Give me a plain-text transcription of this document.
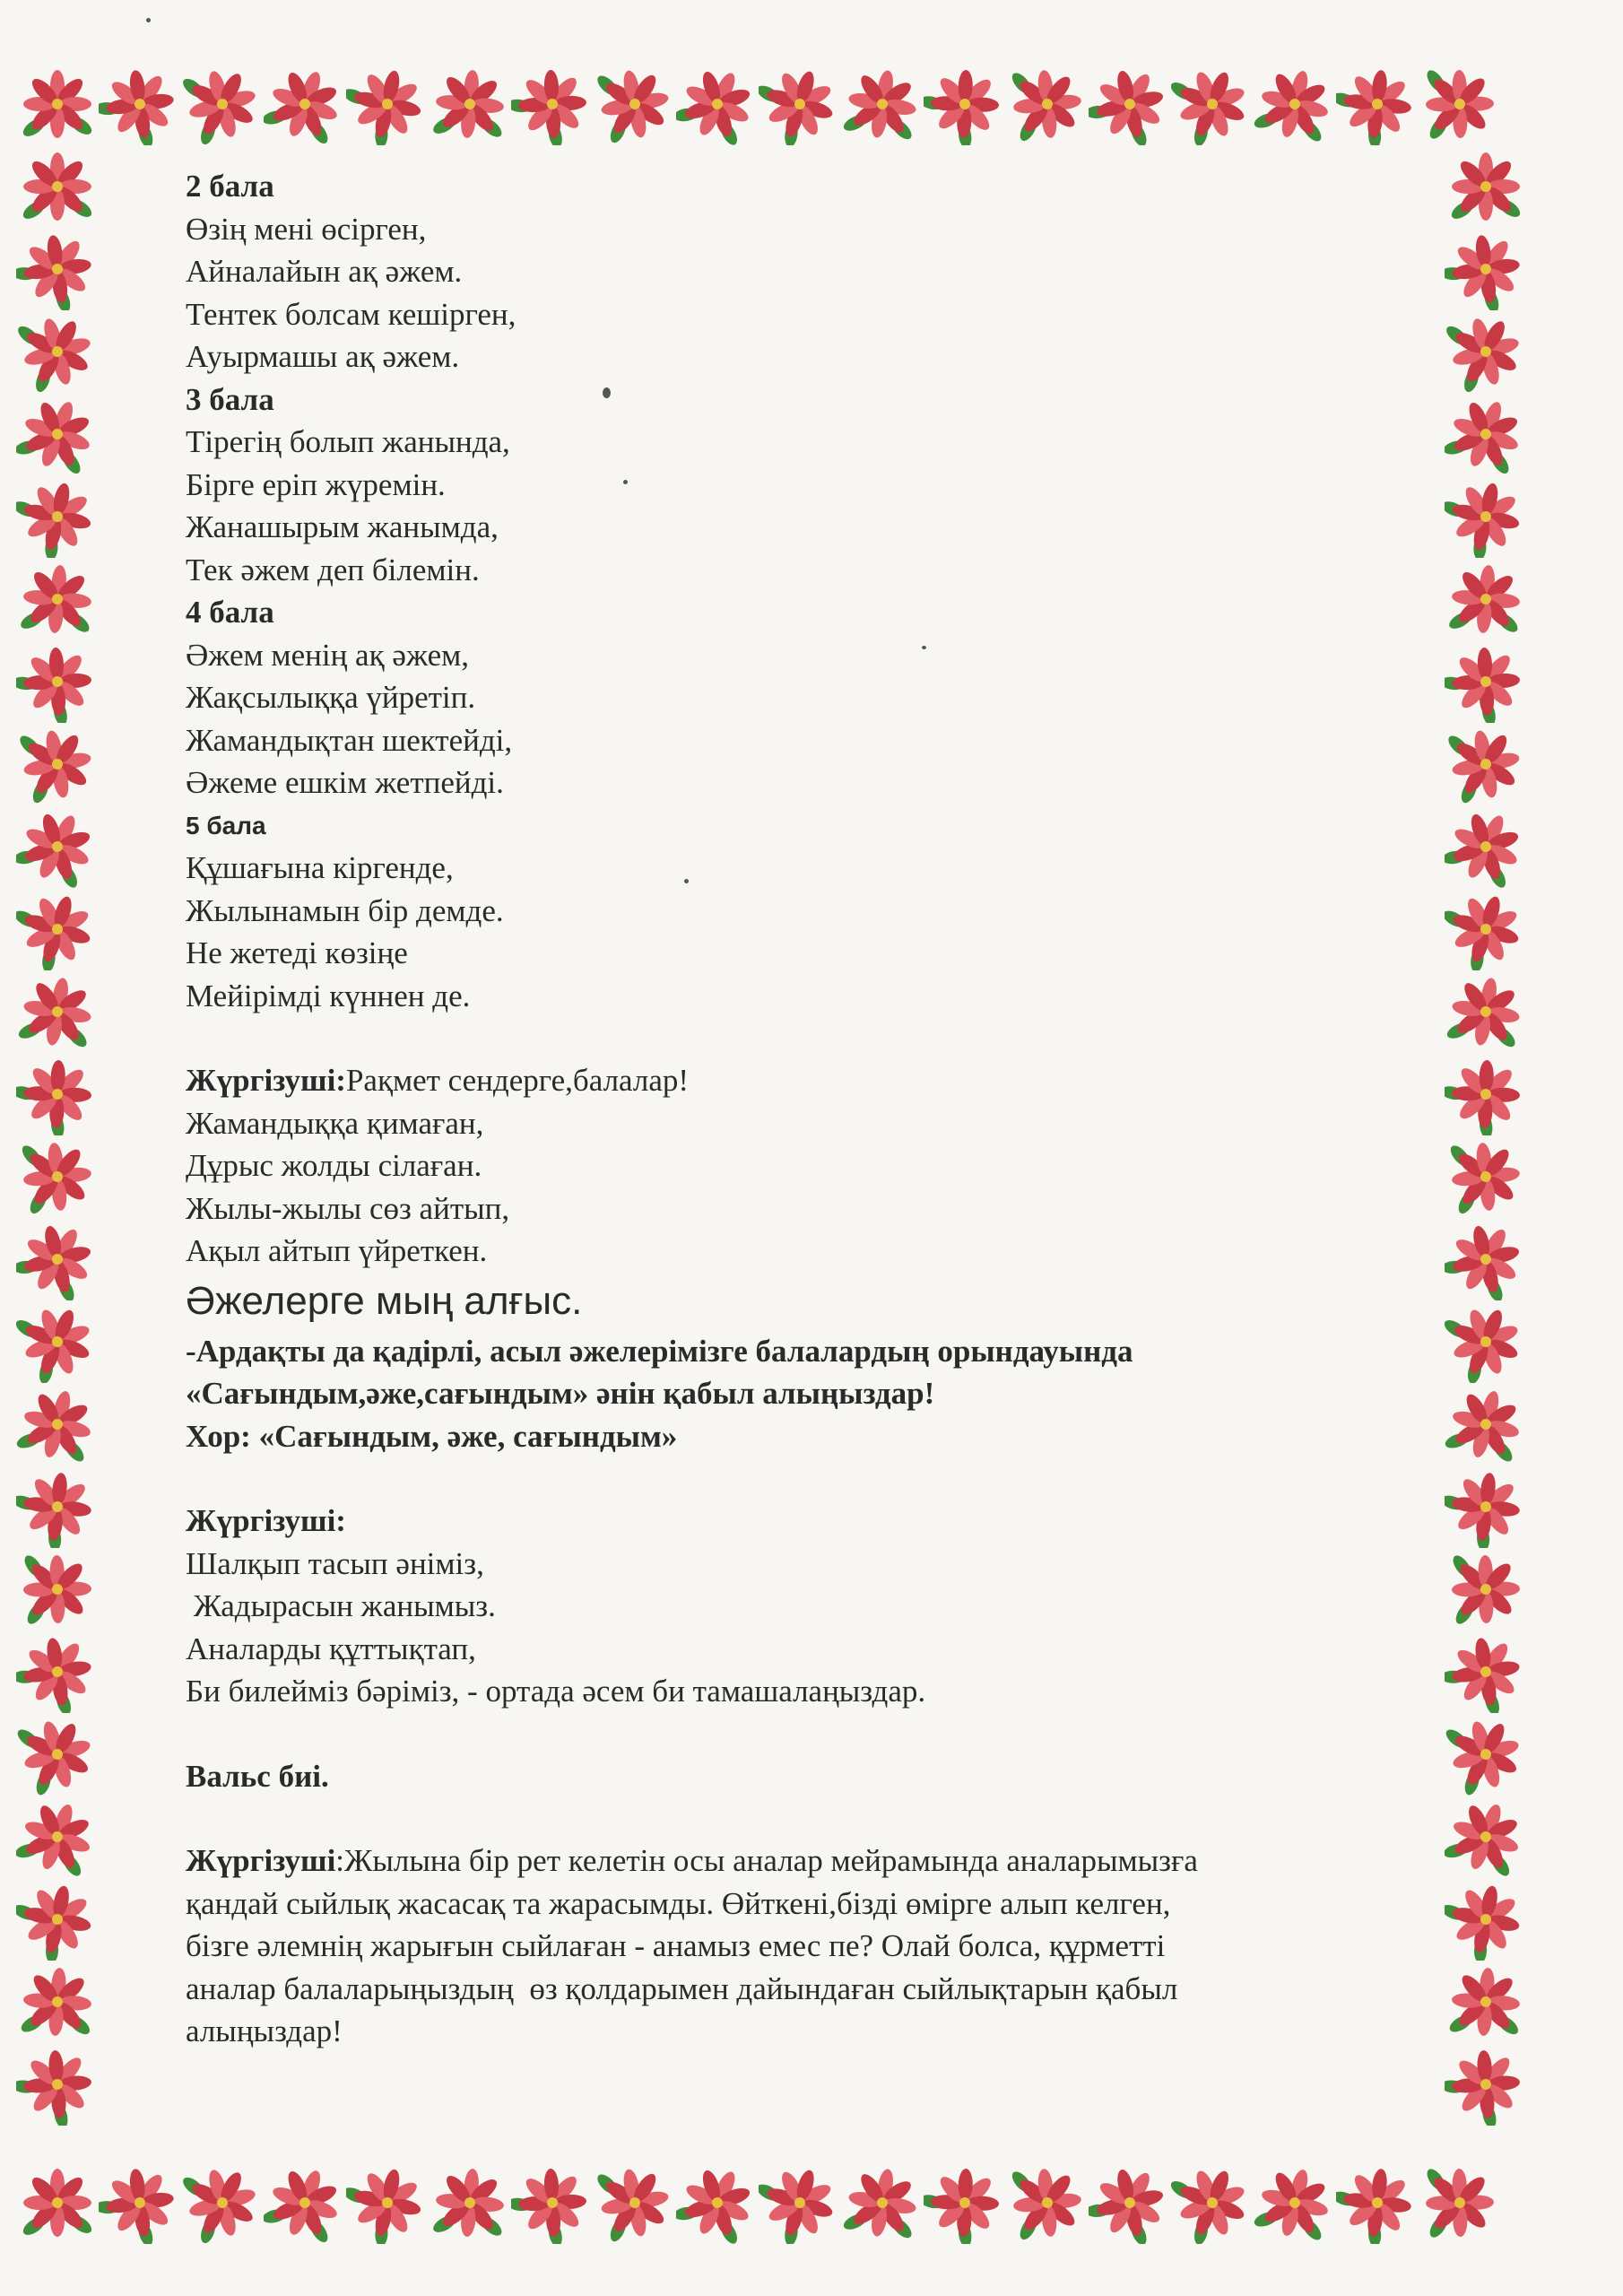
2 бала
Өзің мені өсірген,
Айналайын ақ әжем.
Тентек болсам кешірген,
Ауырмашы ақ әжем.
3 бала
Тірегің болып жанында,
Бірге еріп жүремін.
Жанашырым жанымда,
Тек әжем деп білемін.
4 бала
Әжем менің ақ әжем,
Жақсылыққа үйретіп.
Жамандықтан шектейді,
Әжеме ешкім жетпейді.
5 бала
Құшағына кіргенде,
Жылынамын бір демде.
Не жетеді көзіңе
Мейірімді күннен де.
Жүргізуші:Рақмет сендерге,балалар!
Жамандыққа қимаған,
Дұрыс жолды сілаған.
Жылы-жылы сөз айтып,
Ақыл айтып үйреткен.
Әжелерге мың алғыс.
-Ардақты да қадірлі, асыл әжелерімізге балалардың орындауында
«Сағындым,әже,сағындым» әнін қабыл алыңыздар!
Хор: «Сағындым, әже, сағындым»
Жүргізуші:
Шалқып тасып әніміз,
Жадырасын жанымыз.
Аналарды құттықтап,
Би билейміз бәріміз, - ортада әсем би тамашалаңыздар.
Вальс биі.
Жүргізуші:Жылына бір рет келетін осы аналар мейрамында аналарымызға
қандай сыйлық жасасақ та жарасымды. Өйткені,бізді өмірге алып келген,
бізге әлемнің жарығын сыйлаған - анамыз емес пе? Олай болса, құрметті
аналар балаларыңыздың  өз қолдарымен дайындаған сыйлықтарын қабыл
алыңыздар!
